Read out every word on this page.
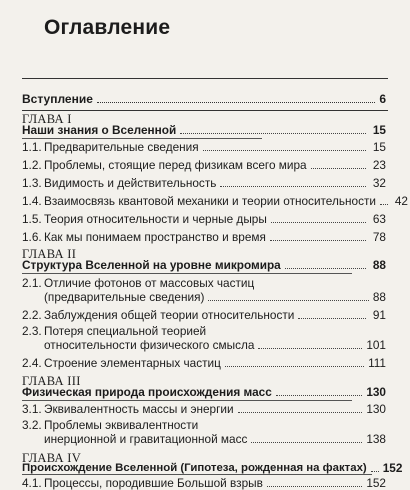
Оглавление
Вступление	6
ГЛАВА I
Наши знания о Вселенной	15
1.1. Предварительные сведения	15
1.2. Проблемы, стоящие перед физикам всего мира	23
1.3. Видимость и действительность	32
1.4. Взаимосвязь квантовой механики и теории относительности 42
1.5. Теория относительности и черные дыры	63
1.6. Как мы понимаем пространство и время	78
ГЛАВА II
Структура Вселенной на уровне микромира	88
2.1. Отличие фотонов от массовых частиц
(предварительные сведения)	88
2.2. Заблуждения общей теории относительности	91
2.3. Потеря специальной теорией
относительности физического смысла	101
2.4. Строение элементарных частиц	111
ГЛАВА III
Физическая природа происхождения масс	130
3.1. Эквивалентность массы и энергии	130
3.2. Проблемы эквивалентности
инерционной и гравитационной масс	138
ГЛАВА IV
Происхождение Вселенной (Гипотеза, рожденная на фактах) 152
4.1. Процессы, породившие Большой взрыв	152
